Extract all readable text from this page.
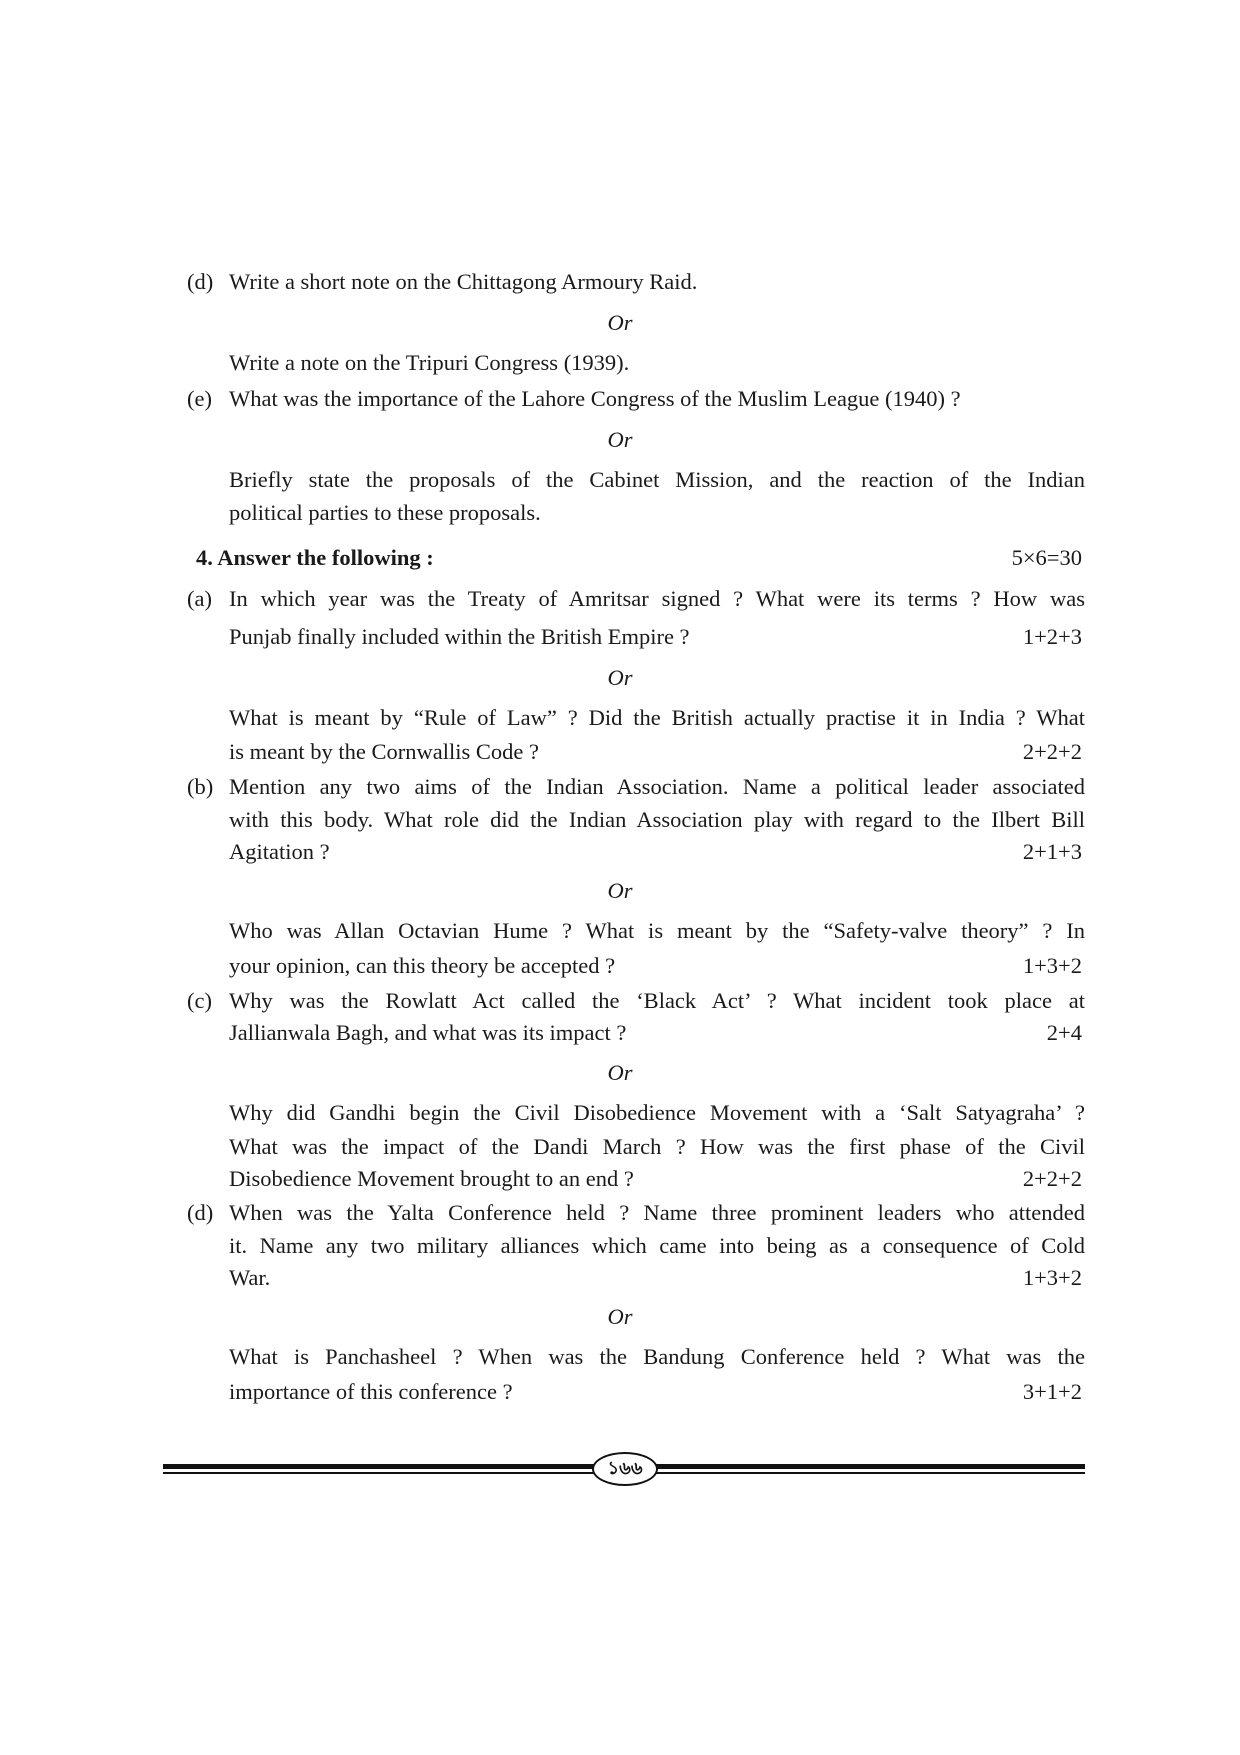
(d) Write a short note on the Chittagong Armoury Raid.
Or
Write a note on the Tripuri Congress (1939).
(e) What was the importance of the Lahore Congress of the Muslim League (1940) ?
Or
Briefly state the proposals of the Cabinet Mission, and the reaction of the Indian
political parties to these proposals.
4. Answer the following :	5×6=30
(a) In which year was the Treaty of Amritsar signed ? What were its terms ? How was
Punjab finally included within the British Empire ?	1+2+3
Or
What is meant by “Rule of Law” ? Did the British actually practise it in India ? What
is meant by the Cornwallis Code ?	2+2+2
(b) Mention any two aims of the Indian Association. Name a political leader associated
with this body. What role did the Indian Association play with regard to the Ilbert Bill
Agitation ?	2+1+3
Or
Who was Allan Octavian Hume ? What is meant by the “Safety-valve theory” ? In
your opinion, can this theory be accepted ?	1+3+2
(c) Why was the Rowlatt Act called the ‘Black Act’ ? What incident took place at
Jallianwala Bagh, and what was its impact ?	2+4
Or
Why did Gandhi begin the Civil Disobedience Movement with a ‘Salt Satyagraha’ ?
What was the impact of the Dandi March ? How was the first phase of the Civil
Disobedience Movement brought to an end ?	2+2+2
(d) When was the Yalta Conference held ? Name three prominent leaders who attended
it. Name any two military alliances which came into being as a consequence of Cold
War.	1+3+2
Or
What is Panchasheel ? When was the Bandung Conference held ? What was the
importance of this conference ?	3+1+2
১৬৬
